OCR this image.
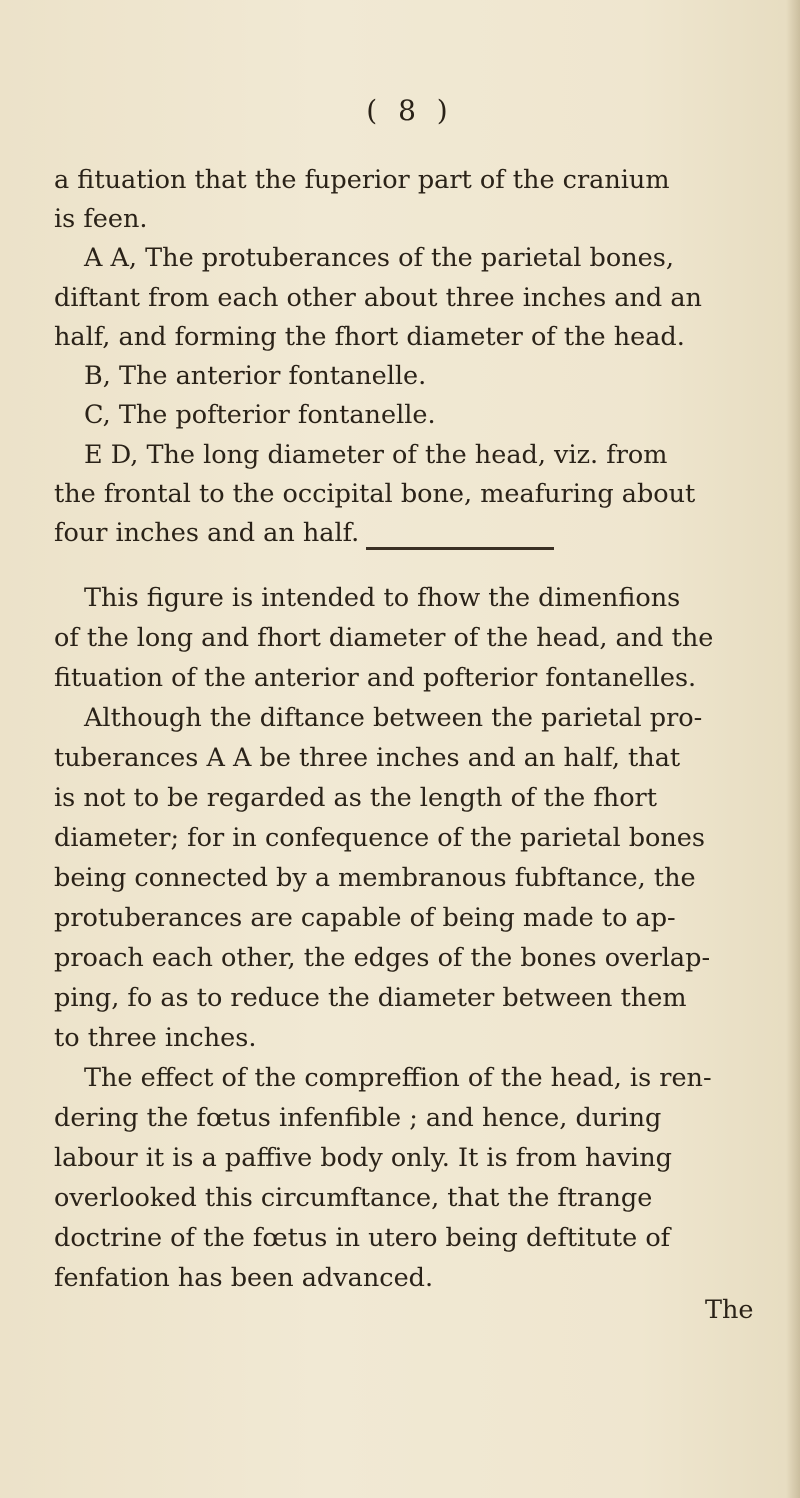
( 8 )
a fituation that the fuperior part of the cranium
is feen.
A A, The protuberances of the parietal bones,
diftant from each other about three inches and an
half, and forming the fhort diameter of the head.
B, The anterior fontanelle.
C, The pofterior fontanelle.
E D, The long diameter of the head, viz. from
the frontal to the occipital bone, meafuring about
four inches and an half.
This figure is intended to fhow the dimenfions
of the long and fhort diameter of the head, and the
fituation of the anterior and pofterior fontanelles.
Although the diftance between the parietal pro-
tuberances A A be three inches and an half, that
is not to be regarded as the length of the fhort
diameter; for in confequence of the parietal bones
being connected by a membranous fubftance, the
protuberances are capable of being made to ap-
proach each other, the edges of the bones overlap-
ping, fo as to reduce the diameter between them
to three inches.
The effect of the compreffion of the head, is ren-
dering the fœtus infenfible ; and hence, during
labour it is a paffive body only. It is from having
overlooked this circumftance, that the ftrange
doctrine of the fœtus in utero being deftitute of
fenfation has been advanced.
The
